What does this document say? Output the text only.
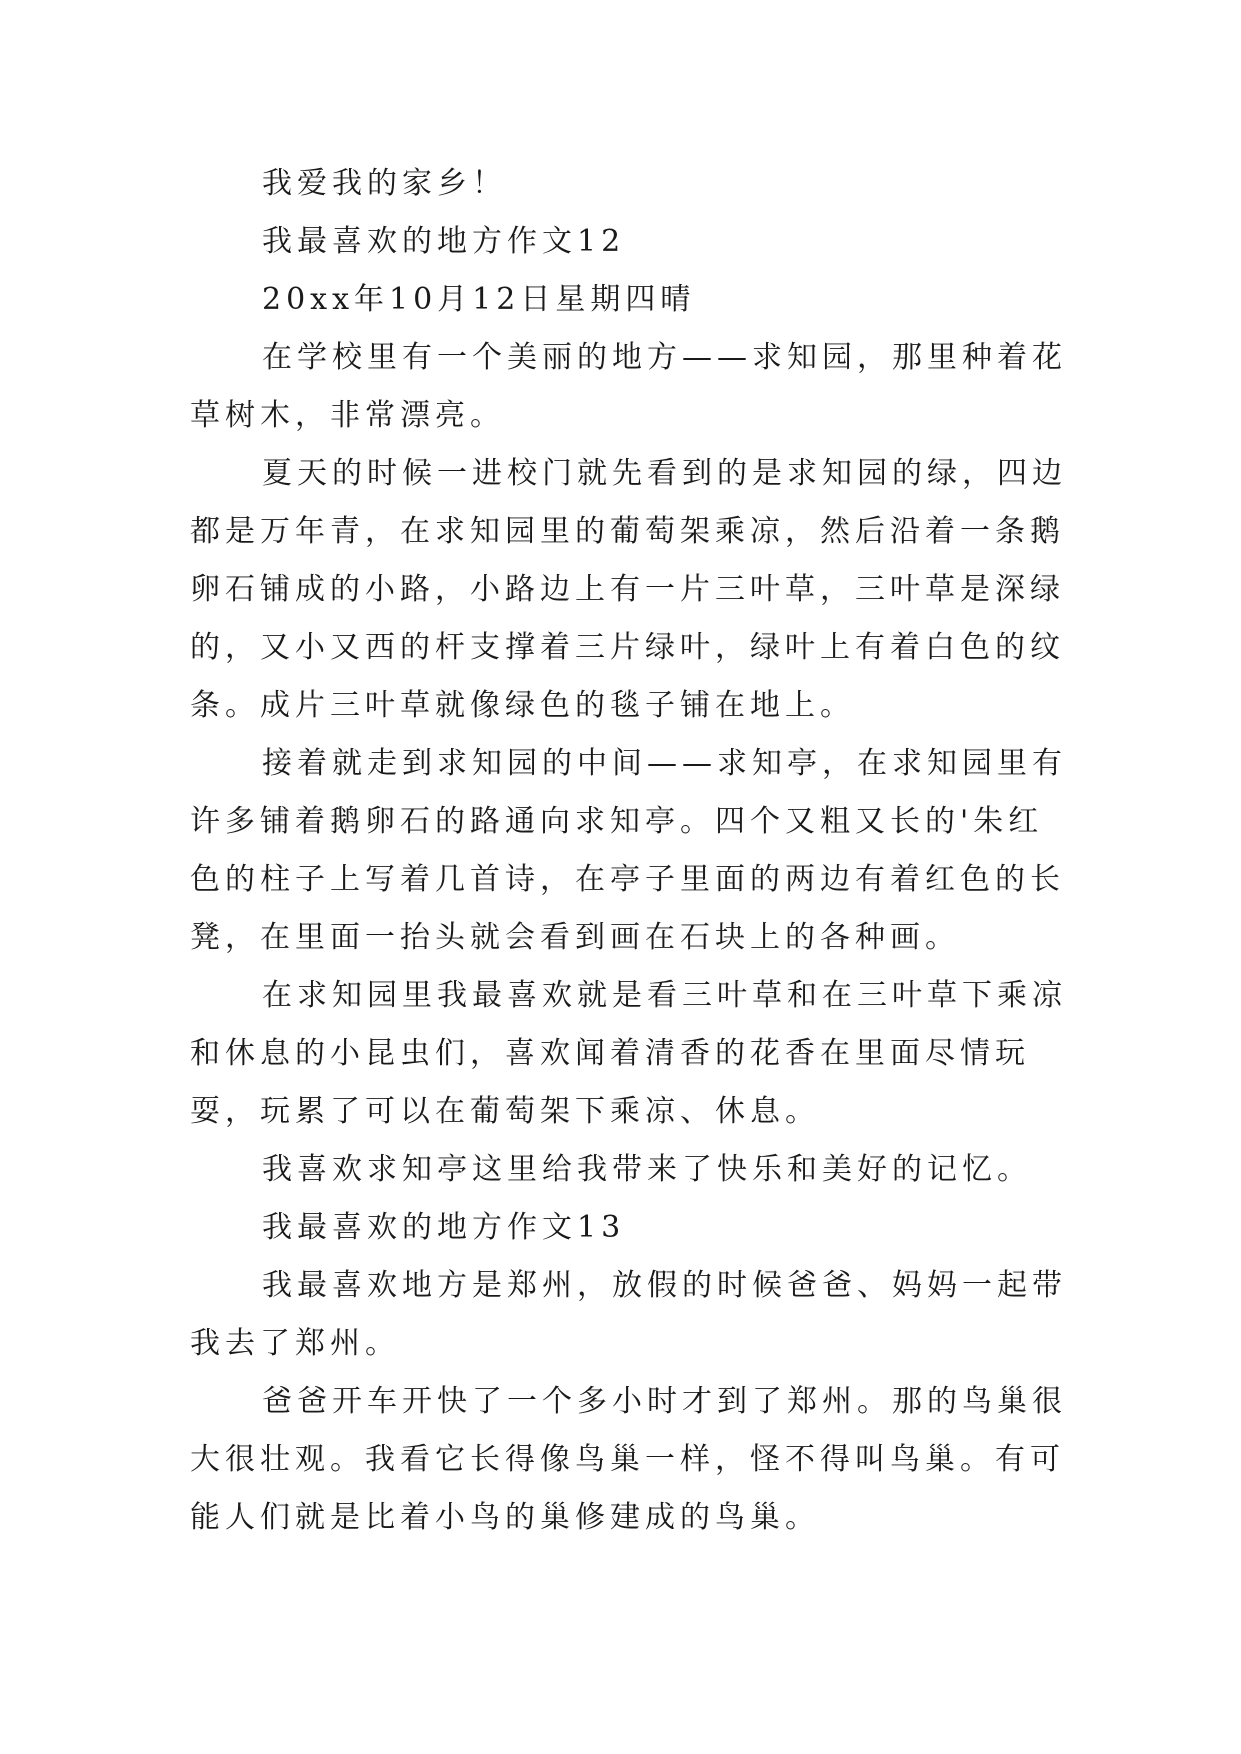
我爱我的家乡！

我最喜欢的地方作文12

20xx年10月12日星期四晴

在学校里有一个美丽的地方——求知园，那里种着花草树木，非常漂亮。

夏天的时候一进校门就先看到的是求知园的绿，四边都是万年青，在求知园里的葡萄架乘凉，然后沿着一条鹅卵石铺成的小路，小路边上有一片三叶草，三叶草是深绿的，又小又西的杆支撑着三片绿叶，绿叶上有着白色的纹条。成片三叶草就像绿色的毯子铺在地上。

接着就走到求知园的中间——求知亭，在求知园里有许多铺着鹅卵石的路通向求知亭。四个又粗又长的'朱红色的柱子上写着几首诗，在亭子里面的两边有着红色的长凳，在里面一抬头就会看到画在石块上的各种画。

在求知园里我最喜欢就是看三叶草和在三叶草下乘凉和休息的小昆虫们，喜欢闻着清香的花香在里面尽情玩耍，玩累了可以在葡萄架下乘凉、休息。

我喜欢求知亭这里给我带来了快乐和美好的记忆。

我最喜欢的地方作文13

我最喜欢地方是郑州，放假的时候爸爸、妈妈一起带我去了郑州。

爸爸开车开快了一个多小时才到了郑州。那的鸟巢很大很壮观。我看它长得像鸟巢一样，怪不得叫鸟巢。有可能人们就是比着小鸟的巢修建成的鸟巢。
